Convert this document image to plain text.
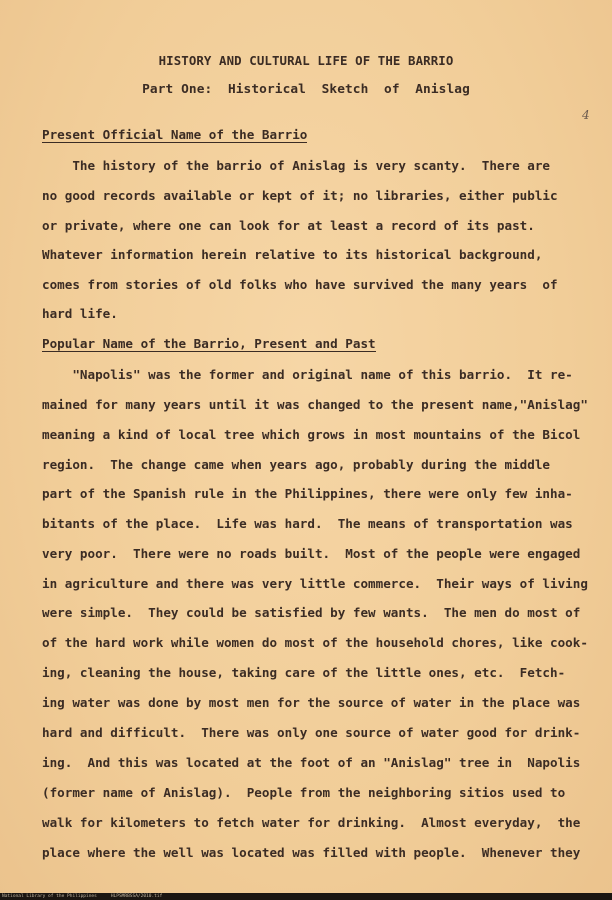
HISTORY AND CULTURAL LIFE OF THE BARRIO
Part One:  Historical  Sketch  of  Anislag
4
Present Official Name of the Barrio
The history of the barrio of Anislag is very scanty.  There are
no good records available or kept of it; no libraries, either public
or private, where one can look for at least a record of its past.
Whatever information herein relative to its historical background,
comes from stories of old folks who have survived the many years  of
hard life.
Popular Name of the Barrio, Present and Past
"Napolis" was the former and original name of this barrio.  It re-
mained for many years until it was changed to the present name,"Anislag"
meaning a kind of local tree which grows in most mountains of the Bicol
region.  The change came when years ago, probably during the middle
part of the Spanish rule in the Philippines, there were only few inha-
bitants of the place.  Life was hard.  The means of transportation was
very poor.  There were no roads built.  Most of the people were engaged
in agriculture and there was very little commerce.  Their ways of living
were simple.  They could be satisfied by few wants.  The men do most of
of the hard work while women do most of the household chores, like cook-
ing, cleaning the house, taking care of the little ones, etc.  Fetch-
ing water was done by most men for the source of water in the place was
hard and difficult.  There was only one source of water good for drink-
ing.  And this was located at the foot of an "Anislag" tree in  Napolis
(former name of Anislag).  People from the neighboring sitios used to
walk for kilometers to fetch water for drinking.  Almost everyday,  the
place where the well was located was filled with people.  Whenever they
National Library of the Philippines	HLPSMRBSSA/2010.tif
